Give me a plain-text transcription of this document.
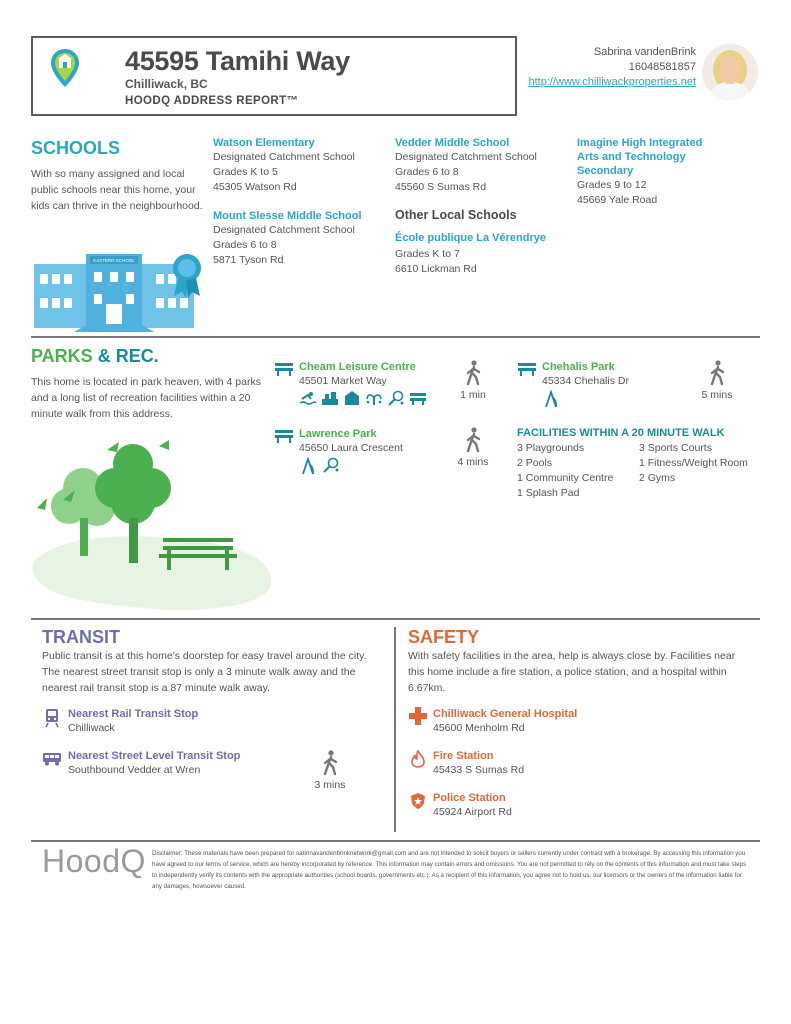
45595 Tamihi Way
Chilliwack, BC
HOODQ ADDRESS REPORT™
Sabrina vandenBrink
16048581857
http://www.chilliwackproperties.net
SCHOOLS
With so many assigned and local public schools near this home, your kids can thrive in the neighbourhood.
EASTERN SCHOOL
Watson Elementary
Designated Catchment School
Grades K to 5
45305 Watson Rd
Mount Slesse Middle School
Designated Catchment School
Grades 6 to 8
5871 Tyson Rd
Vedder Middle School
Designated Catchment School
Grades 6 to 8
45560 S Sumas Rd
Other Local Schools
École publique La Vérendrye
Grades K to 7
6610 Lickman Rd
Imagine High Integrated
Arts and Technology
Secondary
Grades 9 to 12
45669 Yale Road
PARKS & REC.
This home is located in park heaven, with 4 parks and a long list of recreation facilities within a 20 minute walk from this address.
Cheam Leisure Centre
45501 Market Way
1 min
Chehalis Park
45334 Chehalis Dr
5 mins
Lawrence Park
45650 Laura Crescent
4 mins
FACILITIES WITHIN A 20 MINUTE WALK
3 Playgrounds
2 Pools
1 Community Centre
1 Splash Pad
3 Sports Courts
1 Fitness/Weight Room
2 Gyms
TRANSIT
Public transit is at this home's doorstep for easy travel around the city. The nearest street transit stop is only a 3 minute walk away and the nearest rail transit stop is a 87 minute walk away.
Nearest Rail Transit Stop
Chilliwack
Nearest Street Level Transit Stop
Southbound Vedder at Wren
3 mins
SAFETY
With safety facilities in the area, help is always close by. Facilities near this home include a fire station, a police station, and a hospital within 6.67km.
Chilliwack General Hospital
45600 Menholm Rd
Fire Station
45433 S Sumas Rd
Police Station
45924 Airport Rd
HoodQ Disclaimer: These materials have been prepared for sabrinavandenbrinknetwork@gmail.com and are not intended to solicit buyers or sellers currently under contract with a brokerage. By accessing this information you have agreed to our terms of service, which are hereby incorporated by reference. This information may contain errors and omissions. You are not permitted to rely on the contents of this information and must take steps to independently verify its contents with the appropriate authorities (school boards, governments etc.). As a recipient of this information, you agree not to hold us, our licensors or the owners of the information liable for any damages, howsoever caused.
